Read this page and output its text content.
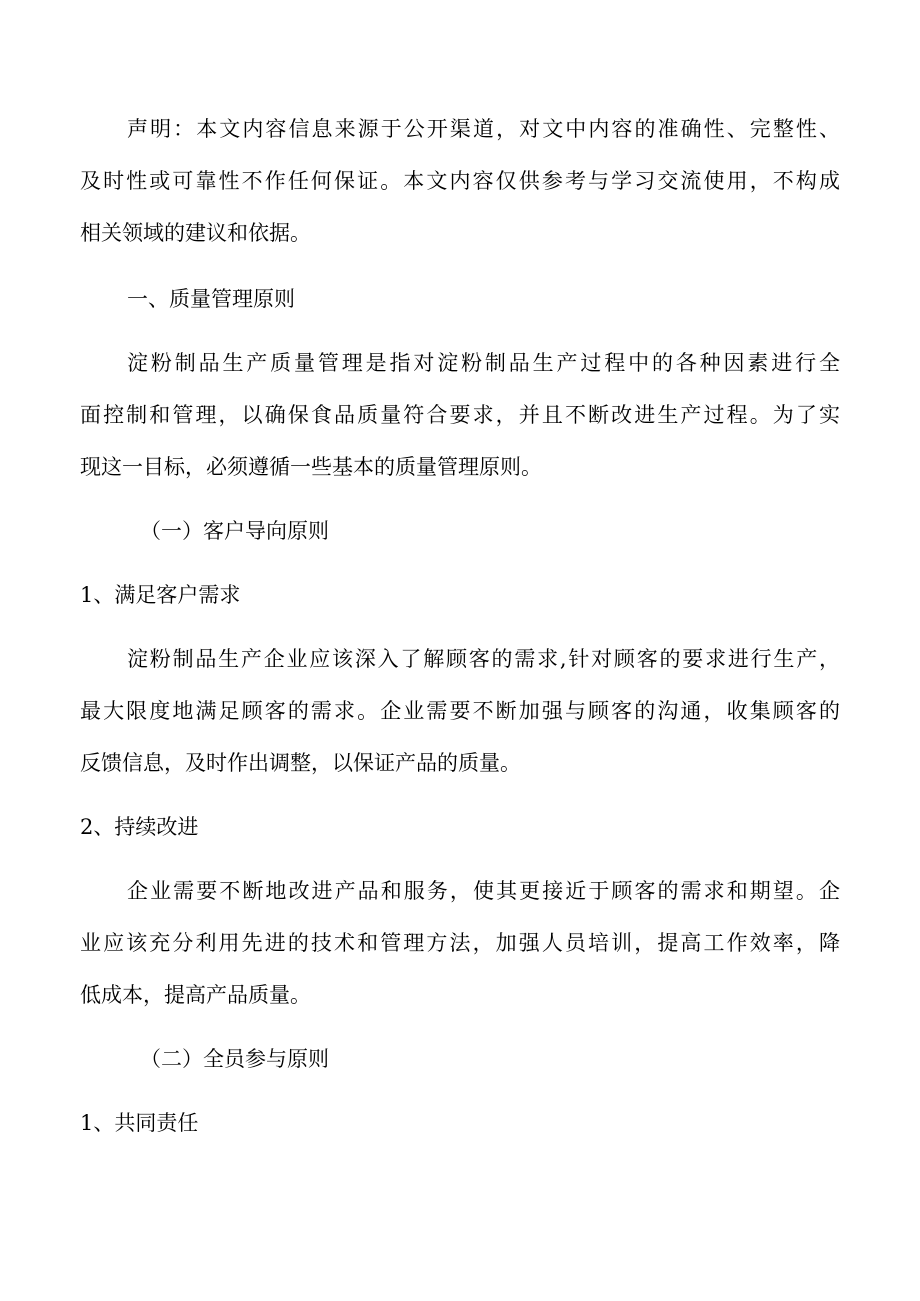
声明：本文内容信息来源于公开渠道，对文中内容的准确性、完整性、
及时性或可靠性不作任何保证。本文内容仅供参考与学习交流使用，不构成
相关领域的建议和依据。
一、质量管理原则
淀粉制品生产质量管理是指对淀粉制品生产过程中的各种因素进行全
面控制和管理，以确保食品质量符合要求，并且不断改进生产过程。为了实
现这一目标，必须遵循一些基本的质量管理原则。
（一）客户导向原则
1、满足客户需求
淀粉制品生产企业应该深入了解顾客的需求,针对顾客的要求进行生产，
最大限度地满足顾客的需求。企业需要不断加强与顾客的沟通，收集顾客的
反馈信息，及时作出调整，以保证产品的质量。
2、持续改进
企业需要不断地改进产品和服务，使其更接近于顾客的需求和期望。企
业应该充分利用先进的技术和管理方法，加强人员培训，提高工作效率，降
低成本，提高产品质量。
（二）全员参与原则
1、共同责任
